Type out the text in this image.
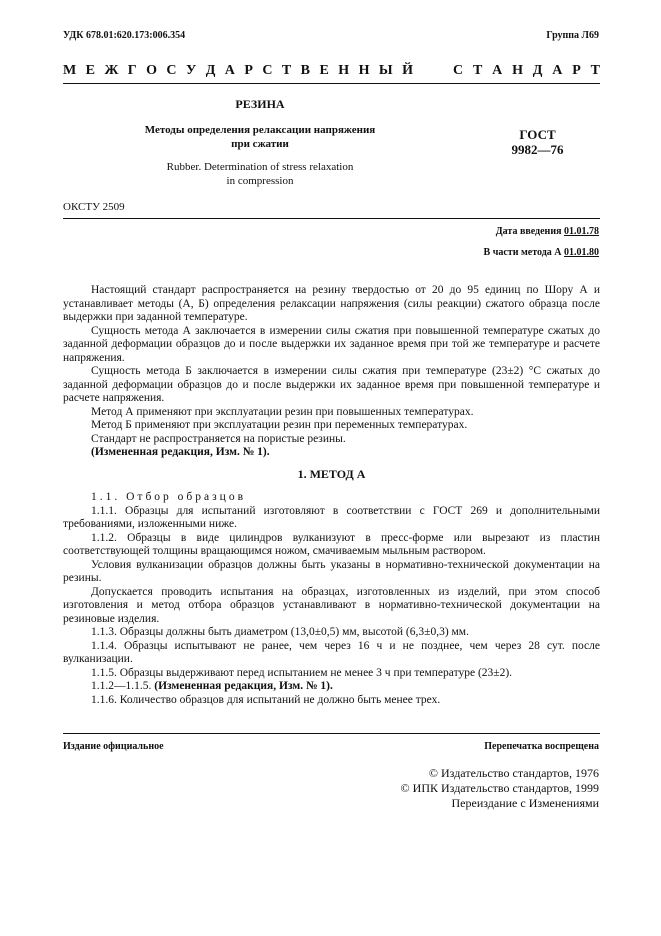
УДК 678.01:620.173:006.354	Группа Л69
М Е Ж Г О С У Д А Р С Т В Е Н Н Ы Й	С Т А Н Д А Р Т
РЕЗИНА
Методы определения релаксации напряжения
при сжатии
Rubber. Determination of stress relaxation
in compression
ГОСТ
9982—76
ОКСТУ 2509
Дата введения 01.01.78
В части метода А 01.01.80

Настоящий стандарт распространяется на резину твердостью от 20 до 95 единиц по Шору А и устанавливает методы (А, Б) определения релаксации напряжения (силы реакции) сжатого образца после выдержки при заданной температуре.

Сущность метода А заключается в измерении силы сжатия при повышенной температуре сжатых до заданной деформации образцов до и после выдержки их заданное время при той же температуре и расчете напряжения.

Сущность метода Б заключается в измерении силы сжатия при температуре (23±2) °С сжатых до заданной деформации образцов до и после выдержки их заданное время при повышенной температуре и расчете напряжения.

Метод А применяют при эксплуатации резин при повышенных температурах.

Метод Б применяют при эксплуатации резин при переменных температурах.

Стандарт не распространяется на пористые резины.

(Измененная редакция, Изм. № 1).

1. МЕТОД А

1.1. Отбор образцов

1.1.1. Образцы для испытаний изготовляют в соответствии с ГОСТ 269 и дополнительными требованиями, изложенными ниже.

1.1.2. Образцы в виде цилиндров вулканизуют в пресс-форме или вырезают из пластин соответствующей толщины вращающимся ножом, смачиваемым мыльным раствором.

Условия вулканизации образцов должны быть указаны в нормативно-технической документации на резины.

Допускается проводить испытания на образцах, изготовленных из изделий, при этом способ изготовления и метод отбора образцов устанавливают в нормативно-технической документации на резиновые изделия.

1.1.3. Образцы должны быть диаметром (13,0±0,5) мм, высотой (6,3±0,3) мм.

1.1.4. Образцы испытывают не ранее, чем через 16 ч и не позднее, чем через 28 сут. после вулканизации.

1.1.5. Образцы выдерживают перед испытанием не менее 3 ч при температуре (23±2).

1.1.2—1.1.5. (Измененная редакция, Изм. № 1).

1.1.6. Количество образцов для испытаний не должно быть менее трех.

Издание официальное	Перепечатка воспрещена
© Издательство стандартов, 1976
© ИПК Издательство стандартов, 1999
Переиздание с Изменениями
